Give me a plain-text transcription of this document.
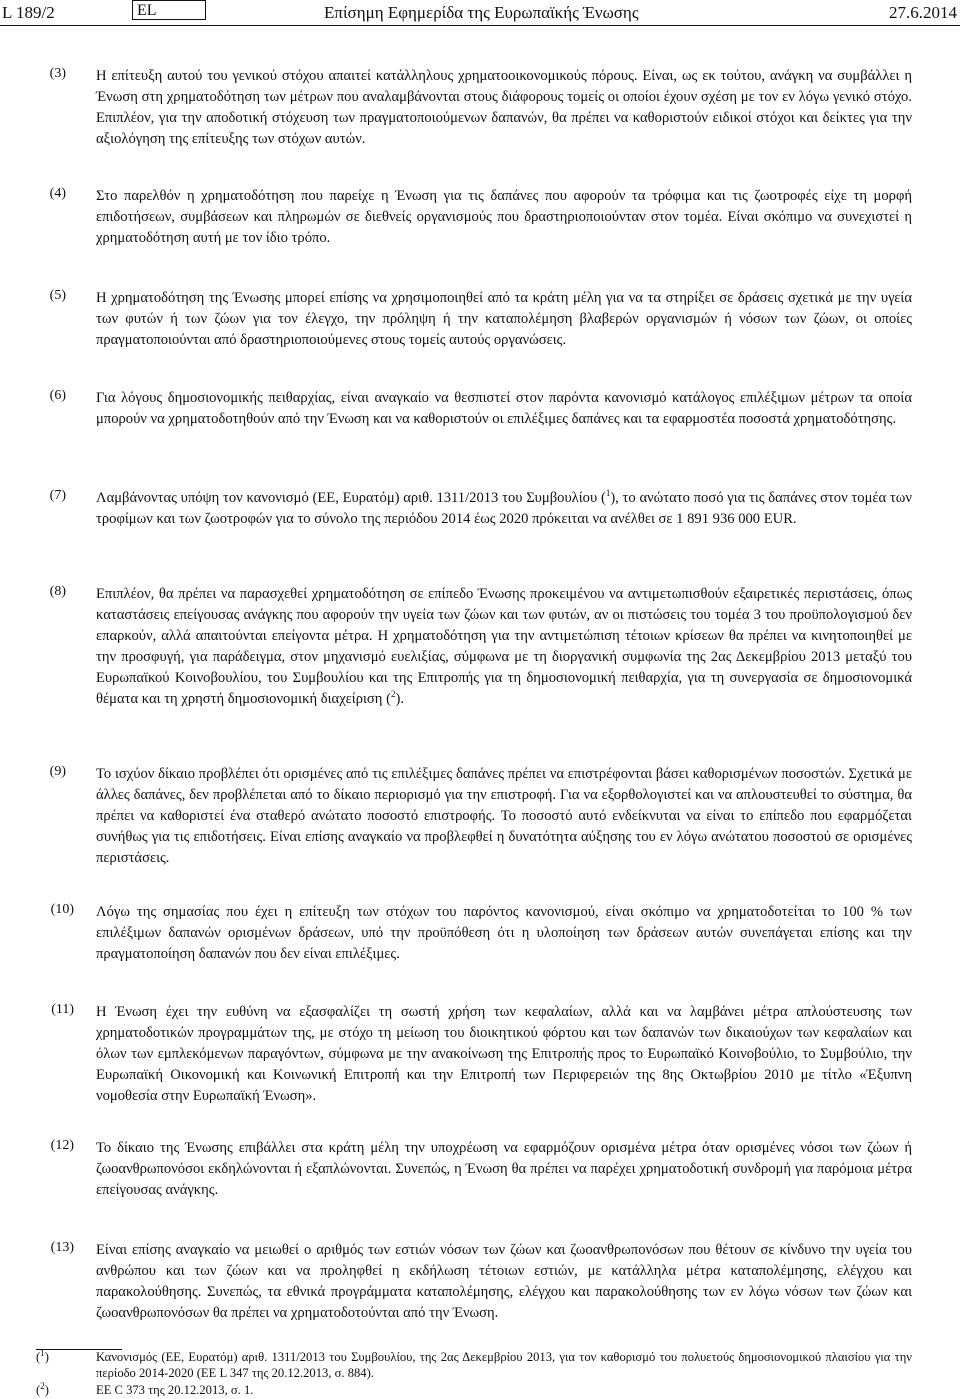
L 189/2	EL	Επίσημη Εφημερίδα της Ευρωπαϊκής Ένωσης	27.6.2014
(3) Η επίτευξη αυτού του γενικού στόχου απαιτεί κατάλληλους χρηματοοικονομικούς πόρους. Είναι, ως εκ τούτου, ανάγκη να συμβάλλει η Ένωση στη χρηματοδότηση των μέτρων που αναλαμβάνονται στους διάφορους τομείς οι οποίοι έχουν σχέση με τον εν λόγω γενικό στόχο. Επιπλέον, για την αποδοτική στόχευση των πραγματοποιούμενων δαπανών, θα πρέπει να καθοριστούν ειδικοί στόχοι και δείκτες για την αξιολόγηση της επίτευξης των στόχων αυτών.
(4) Στο παρελθόν η χρηματοδότηση που παρείχε η Ένωση για τις δαπάνες που αφορούν τα τρόφιμα και τις ζωοτροφές είχε τη μορφή επιδοτήσεων, συμβάσεων και πληρωμών σε διεθνείς οργανισμούς που δραστηριοποιούνταν στον τομέα. Είναι σκόπιμο να συνεχιστεί η χρηματοδότηση αυτή με τον ίδιο τρόπο.
(5) Η χρηματοδότηση της Ένωσης μπορεί επίσης να χρησιμοποιηθεί από τα κράτη μέλη για να τα στηρίξει σε δράσεις σχετικά με την υγεία των φυτών ή των ζώων για τον έλεγχο, την πρόληψη ή την καταπολέμηση βλαβερών οργανισμών ή νόσων των ζώων, οι οποίες πραγματοποιούνται από δραστηριοποιούμενες στους τομείς αυτούς οργανώσεις.
(6) Για λόγους δημοσιονομικής πειθαρχίας, είναι αναγκαίο να θεσπιστεί στον παρόντα κανονισμό κατάλογος επιλέξιμων μέτρων τα οποία μπορούν να χρηματοδοτηθούν από την Ένωση και να καθοριστούν οι επιλέξιμες δαπάνες και τα εφαρμοστέα ποσοστά χρηματοδότησης.
(7) Λαμβάνοντας υπόψη τον κανονισμό (ΕΕ, Ευρατόμ) αριθ. 1311/2013 του Συμβουλίου ($^1$), το ανώτατο ποσό για τις δαπάνες στον τομέα των τροφίμων και των ζωοτροφών για το σύνολο της περιόδου 2014 έως 2020 πρόκειται να ανέλθει σε 1 891 936 000 EUR.
(8) Επιπλέον, θα πρέπει να παρασχεθεί χρηματοδότηση σε επίπεδο Ένωσης προκειμένου να αντιμετωπισθούν εξαιρετικές περιστάσεις, όπως καταστάσεις επείγουσας ανάγκης που αφορούν την υγεία των ζώων και των φυτών, αν οι πιστώσεις του τομέα 3 του προϋπολογισμού δεν επαρκούν, αλλά απαιτούνται επείγοντα μέτρα. Η χρηματοδότηση για την αντιμετώπιση τέτοιων κρίσεων θα πρέπει να κινητοποιηθεί με την προσφυγή, για παράδειγμα, στον μηχανισμό ευελιξίας, σύμφωνα με τη διοργανική συμφωνία της 2ας Δεκεμβρίου 2013 μεταξύ του Ευρωπαϊκού Κοινοβουλίου, του Συμβουλίου και της Επιτροπής για τη δημοσιονομική πειθαρχία, για τη συνεργασία σε δημοσιονομικά θέματα και τη χρηστή δημοσιονομική διαχείριση ($^2$).
(9) Το ισχύον δίκαιο προβλέπει ότι ορισμένες από τις επιλέξιμες δαπάνες πρέπει να επιστρέφονται βάσει καθορισμένων ποσοστών. Σχετικά με άλλες δαπάνες, δεν προβλέπεται από το δίκαιο περιορισμό για την επιστροφή. Για να εξορθολογιστεί και να απλουστευθεί το σύστημα, θα πρέπει να καθοριστεί ένα σταθερό ανώτατο ποσοστό επιστροφής. Το ποσοστό αυτό ενδείκνυται να είναι το επίπεδο που εφαρμόζεται συνήθως για τις επιδοτήσεις. Είναι επίσης αναγκαίο να προβλεφθεί η δυνατότητα αύξησης του εν λόγω ανώτατου ποσοστού σε ορισμένες περιστάσεις.
(10) Λόγω της σημασίας που έχει η επίτευξη των στόχων του παρόντος κανονισμού, είναι σκόπιμο να χρηματοδοτείται το 100 % των επιλέξιμων δαπανών ορισμένων δράσεων, υπό την προϋπόθεση ότι η υλοποίηση των δράσεων αυτών συνεπάγεται επίσης και την πραγματοποίηση δαπανών που δεν είναι επιλέξιμες.
(11) Η Ένωση έχει την ευθύνη να εξασφαλίζει τη σωστή χρήση των κεφαλαίων, αλλά και να λαμβάνει μέτρα απλούστευσης των χρηματοδοτικών προγραμμάτων της, με στόχο τη μείωση του διοικητικού φόρτου και των δαπανών των δικαιούχων των κεφαλαίων και όλων των εμπλεκόμενων παραγόντων, σύμφωνα με την ανακοίνωση της Επιτροπής προς το Ευρωπαϊκό Κοινοβούλιο, το Συμβούλιο, την Ευρωπαϊκή Οικονομική και Κοινωνική Επιτροπή και την Επιτροπή των Περιφερειών της 8ης Οκτωβρίου 2010 με τίτλο «Έξυπνη νομοθεσία στην Ευρωπαϊκή Ένωση».
(12) Το δίκαιο της Ένωσης επιβάλλει στα κράτη μέλη την υποχρέωση να εφαρμόζουν ορισμένα μέτρα όταν ορισμένες νόσοι των ζώων ή ζωοανθρωπονόσοι εκδηλώνονται ή εξαπλώνονται. Συνεπώς, η Ένωση θα πρέπει να παρέχει χρηματοδοτική συνδρομή για παρόμοια μέτρα επείγουσας ανάγκης.
(13) Είναι επίσης αναγκαίο να μειωθεί ο αριθμός των εστιών νόσων των ζώων και ζωοανθρωπονόσων που θέτουν σε κίνδυνο την υγεία του ανθρώπου και των ζώων και να προληφθεί η εκδήλωση τέτοιων εστιών, με κατάλληλα μέτρα καταπολέμησης, ελέγχου και παρακολούθησης. Συνεπώς, τα εθνικά προγράμματα καταπολέμησης, ελέγχου και παρακολούθησης των εν λόγω νόσων των ζώων και ζωοανθρωπονόσων θα πρέπει να χρηματοδοτούνται από την Ένωση.
($^1$)	Κανονισμός (ΕΕ, Ευρατόμ) αριθ. 1311/2013 του Συμβουλίου, της 2ας Δεκεμβρίου 2013, για τον καθορισμό του πολυετούς δημοσιονομικού πλαισίου για την περίοδο 2014-2020 (ΕΕ L 347 της 20.12.2013, σ. 884).
($^2$)	ΕΕ C 373 της 20.12.2013, σ. 1.
